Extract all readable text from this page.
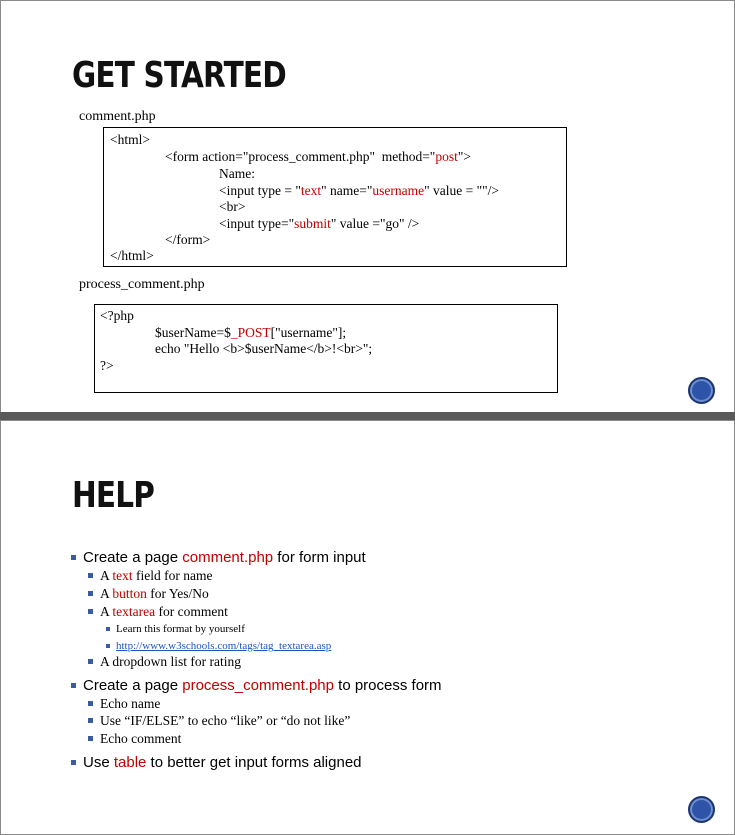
GET STARTED
comment.php
<html>
<form action="process_comment.php"  method="post">
Name:
<input type = "text" name="username" value = ""/>
<br>
<input type="submit" value ="go" />
</form>
</html>
process_comment.php
<?php
$userName=$_POST["username"];
echo "Hello <b>$userName</b>!<br>";
?>
HELP
Create a page comment.php for form input
A text field for name
A button for Yes/No
A textarea for comment
Learn this format by yourself
http://www.w3schools.com/tags/tag_textarea.asp
A dropdown list for rating
Create a page process_comment.php to process form
Echo name
Use “IF/ELSE” to echo “like” or “do not like”
Echo comment
Use table to better get input forms aligned
